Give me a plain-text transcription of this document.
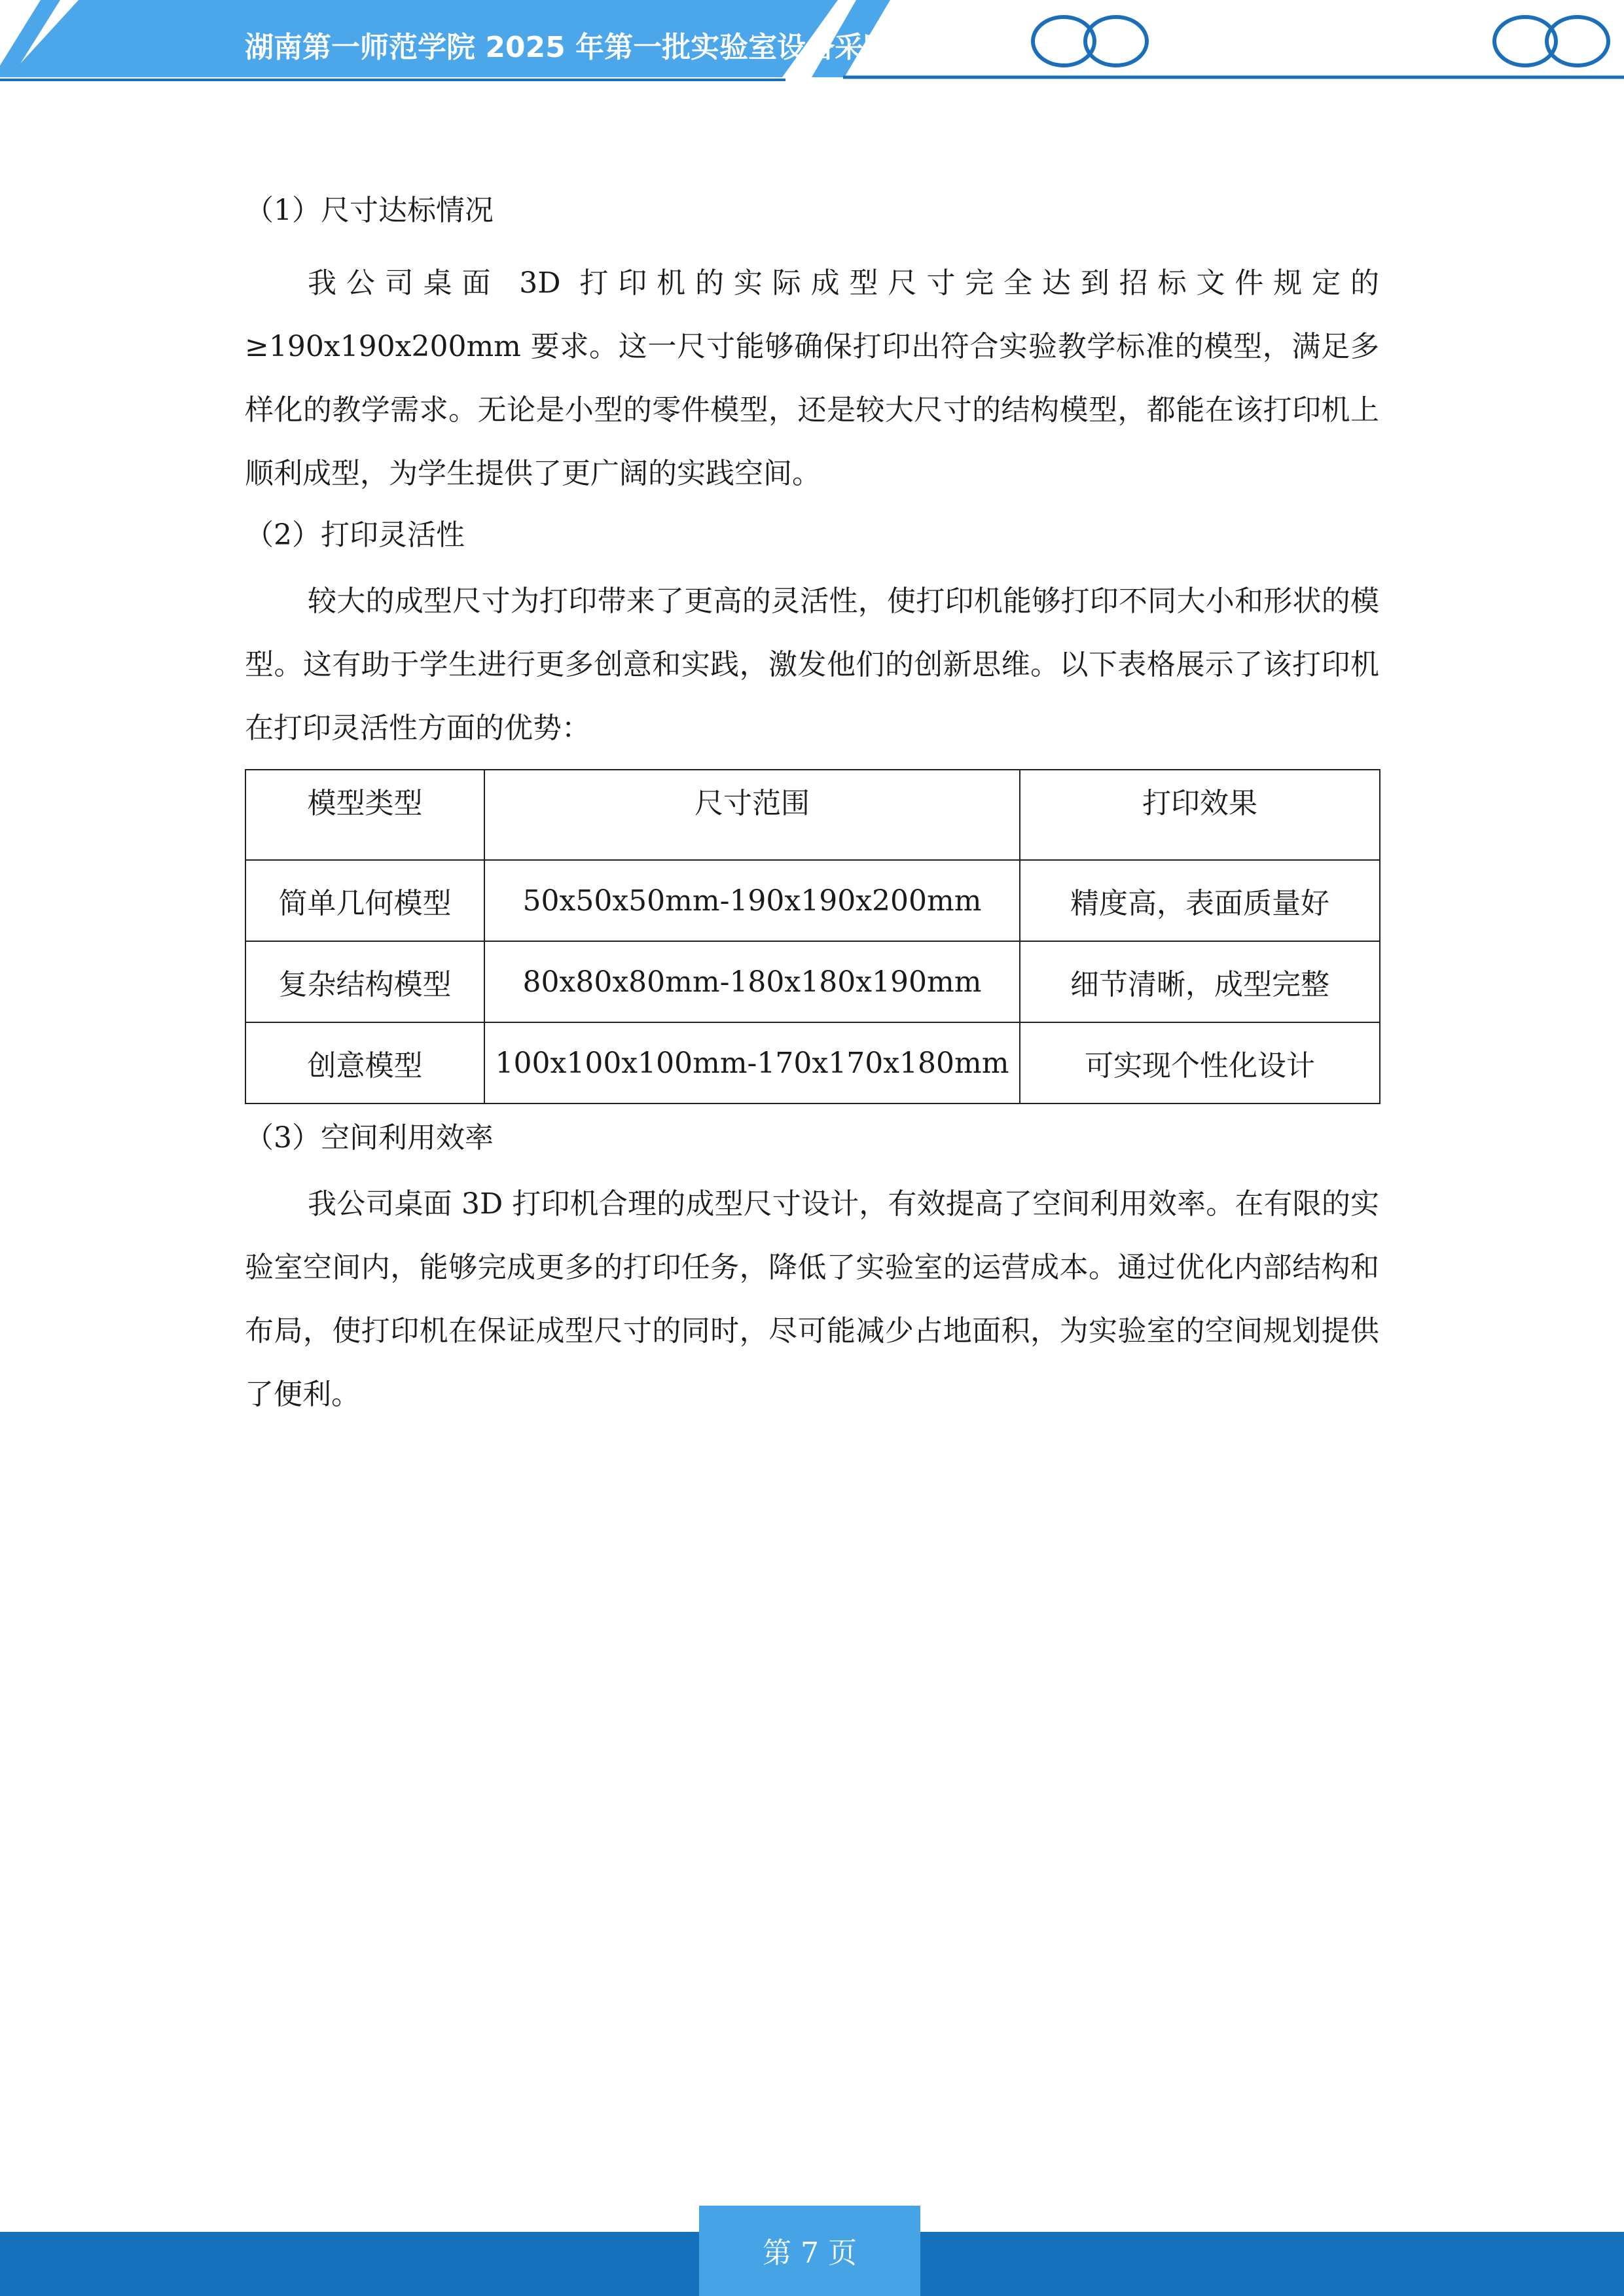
湖南第一师范学院 2025 年第一批实验室设备采购项目

（1）尺寸达标情况

我公司桌面 3D 打印机的实际成型尺寸完全达到招标文件规定的≥190x190x200mm 要求。这一尺寸能够确保打印出符合实验教学标准的模型，满足多样化的教学需求。无论是小型的零件模型，还是较大尺寸的结构模型，都能在该打印机上顺利成型，为学生提供了更广阔的实践空间。

（2）打印灵活性

较大的成型尺寸为打印带来了更高的灵活性，使打印机能够打印不同大小和形状的模型。这有助于学生进行更多创意和实践，激发他们的创新思维。以下表格展示了该打印机在打印灵活性方面的优势：

模型类型	尺寸范围	打印效果
简单几何模型	50x50x50mm-190x190x200mm	精度高，表面质量好
复杂结构模型	80x80x80mm-180x180x190mm	细节清晰，成型完整
创意模型	100x100x100mm-170x170x180mm	可实现个性化设计

（3）空间利用效率

我公司桌面 3D 打印机合理的成型尺寸设计，有效提高了空间利用效率。在有限的实验室空间内，能够完成更多的打印任务，降低了实验室的运营成本。通过优化内部结构和布局，使打印机在保证成型尺寸的同时，尽可能减少占地面积，为实验室的空间规划提供了便利。

第 7 页
